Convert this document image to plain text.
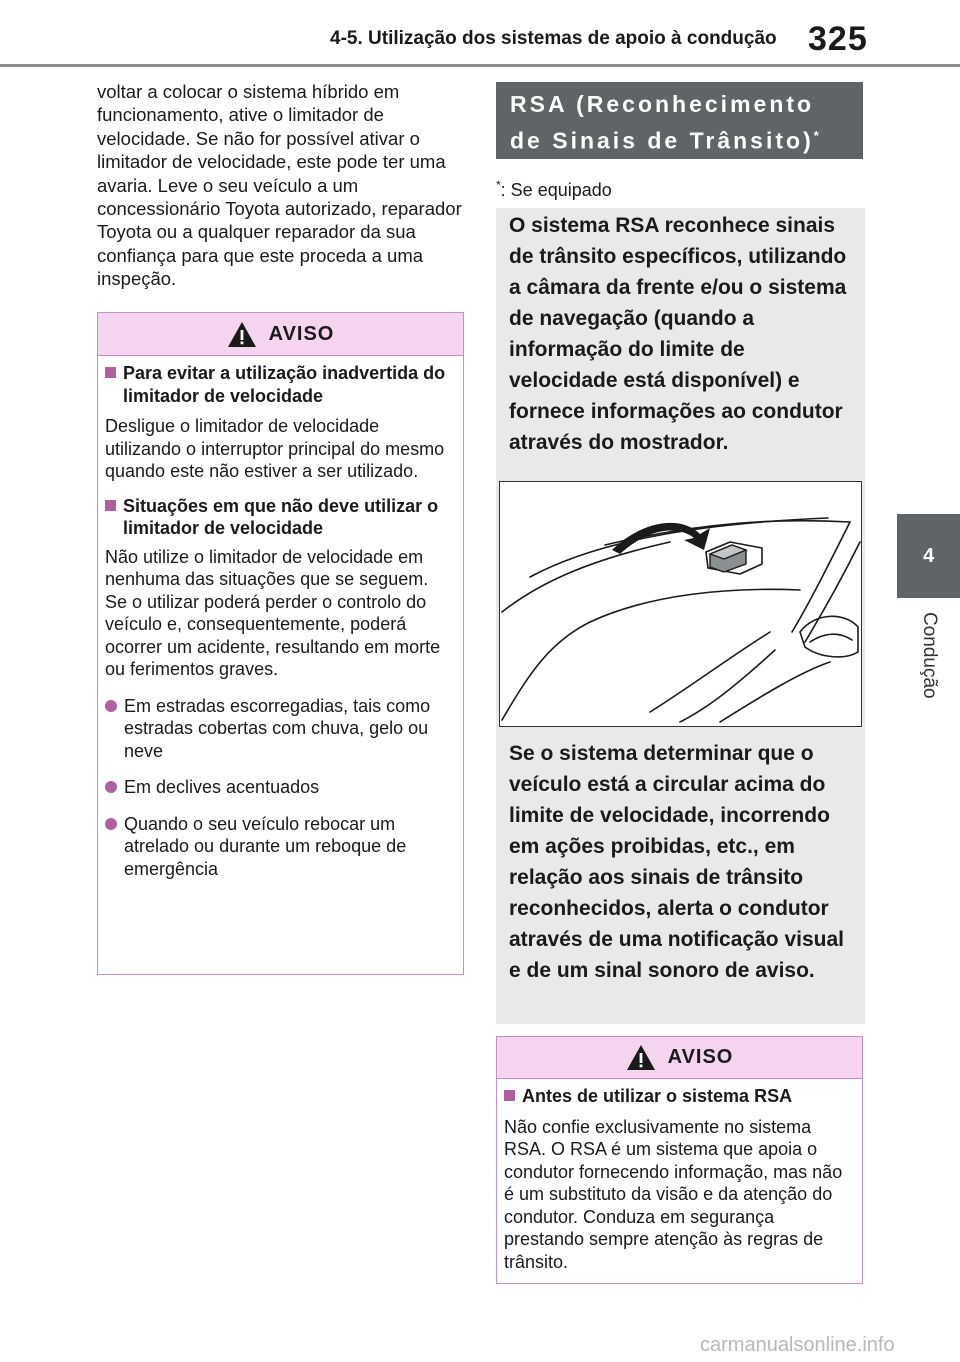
4-5. Utilização dos sistemas de apoio à condução 325
4
Condução
voltar a colocar o sistema híbrido em funcionamento, ative o limitador de velocidade. Se não for possível ativar o limitador de velocidade, este pode ter uma avaria. Leve o seu veículo a um concessionário Toyota autorizado, reparador Toyota ou a qualquer reparador da sua confiança para que este proceda a uma inspeção.
AVISO
Para evitar a utilização inadvertida do limitador de velocidade
Desligue o limitador de velocidade utilizando o interruptor principal do mesmo quando este não estiver a ser utilizado.
Situações em que não deve utilizar o limitador de velocidade
Não utilize o limitador de velocidade em nenhuma das situações que se seguem.
Se o utilizar poderá perder o controlo do veículo e, consequentemente, poderá ocorrer um acidente, resultando em morte ou ferimentos graves.
Em estradas escorregadias, tais como estradas cobertas com chuva, gelo ou neve
Em declives acentuados
Quando o seu veículo rebocar um atrelado ou durante um reboque de emergência
RSA (Reconhecimento de Sinais de Trânsito)*
*: Se equipado
O sistema RSA reconhece sinais de trânsito específicos, utilizando a câmara da frente e/ou o sistema de navegação (quando a informação do limite de velocidade está disponível) e fornece informações ao condutor através do mostrador.
Se o sistema determinar que o veículo está a circular acima do limite de velocidade, incorrendo em ações proibidas, etc., em relação aos sinais de trânsito reconhecidos, alerta o condutor através de uma notificação visual e de um sinal sonoro de aviso.
AVISO
Antes de utilizar o sistema RSA
Não confie exclusivamente no sistema RSA. O RSA é um sistema que apoia o condutor fornecendo informação, mas não é um substituto da visão e da atenção do condutor. Conduza em segurança prestando sempre atenção às regras de trânsito.
carmanualsonline.info
